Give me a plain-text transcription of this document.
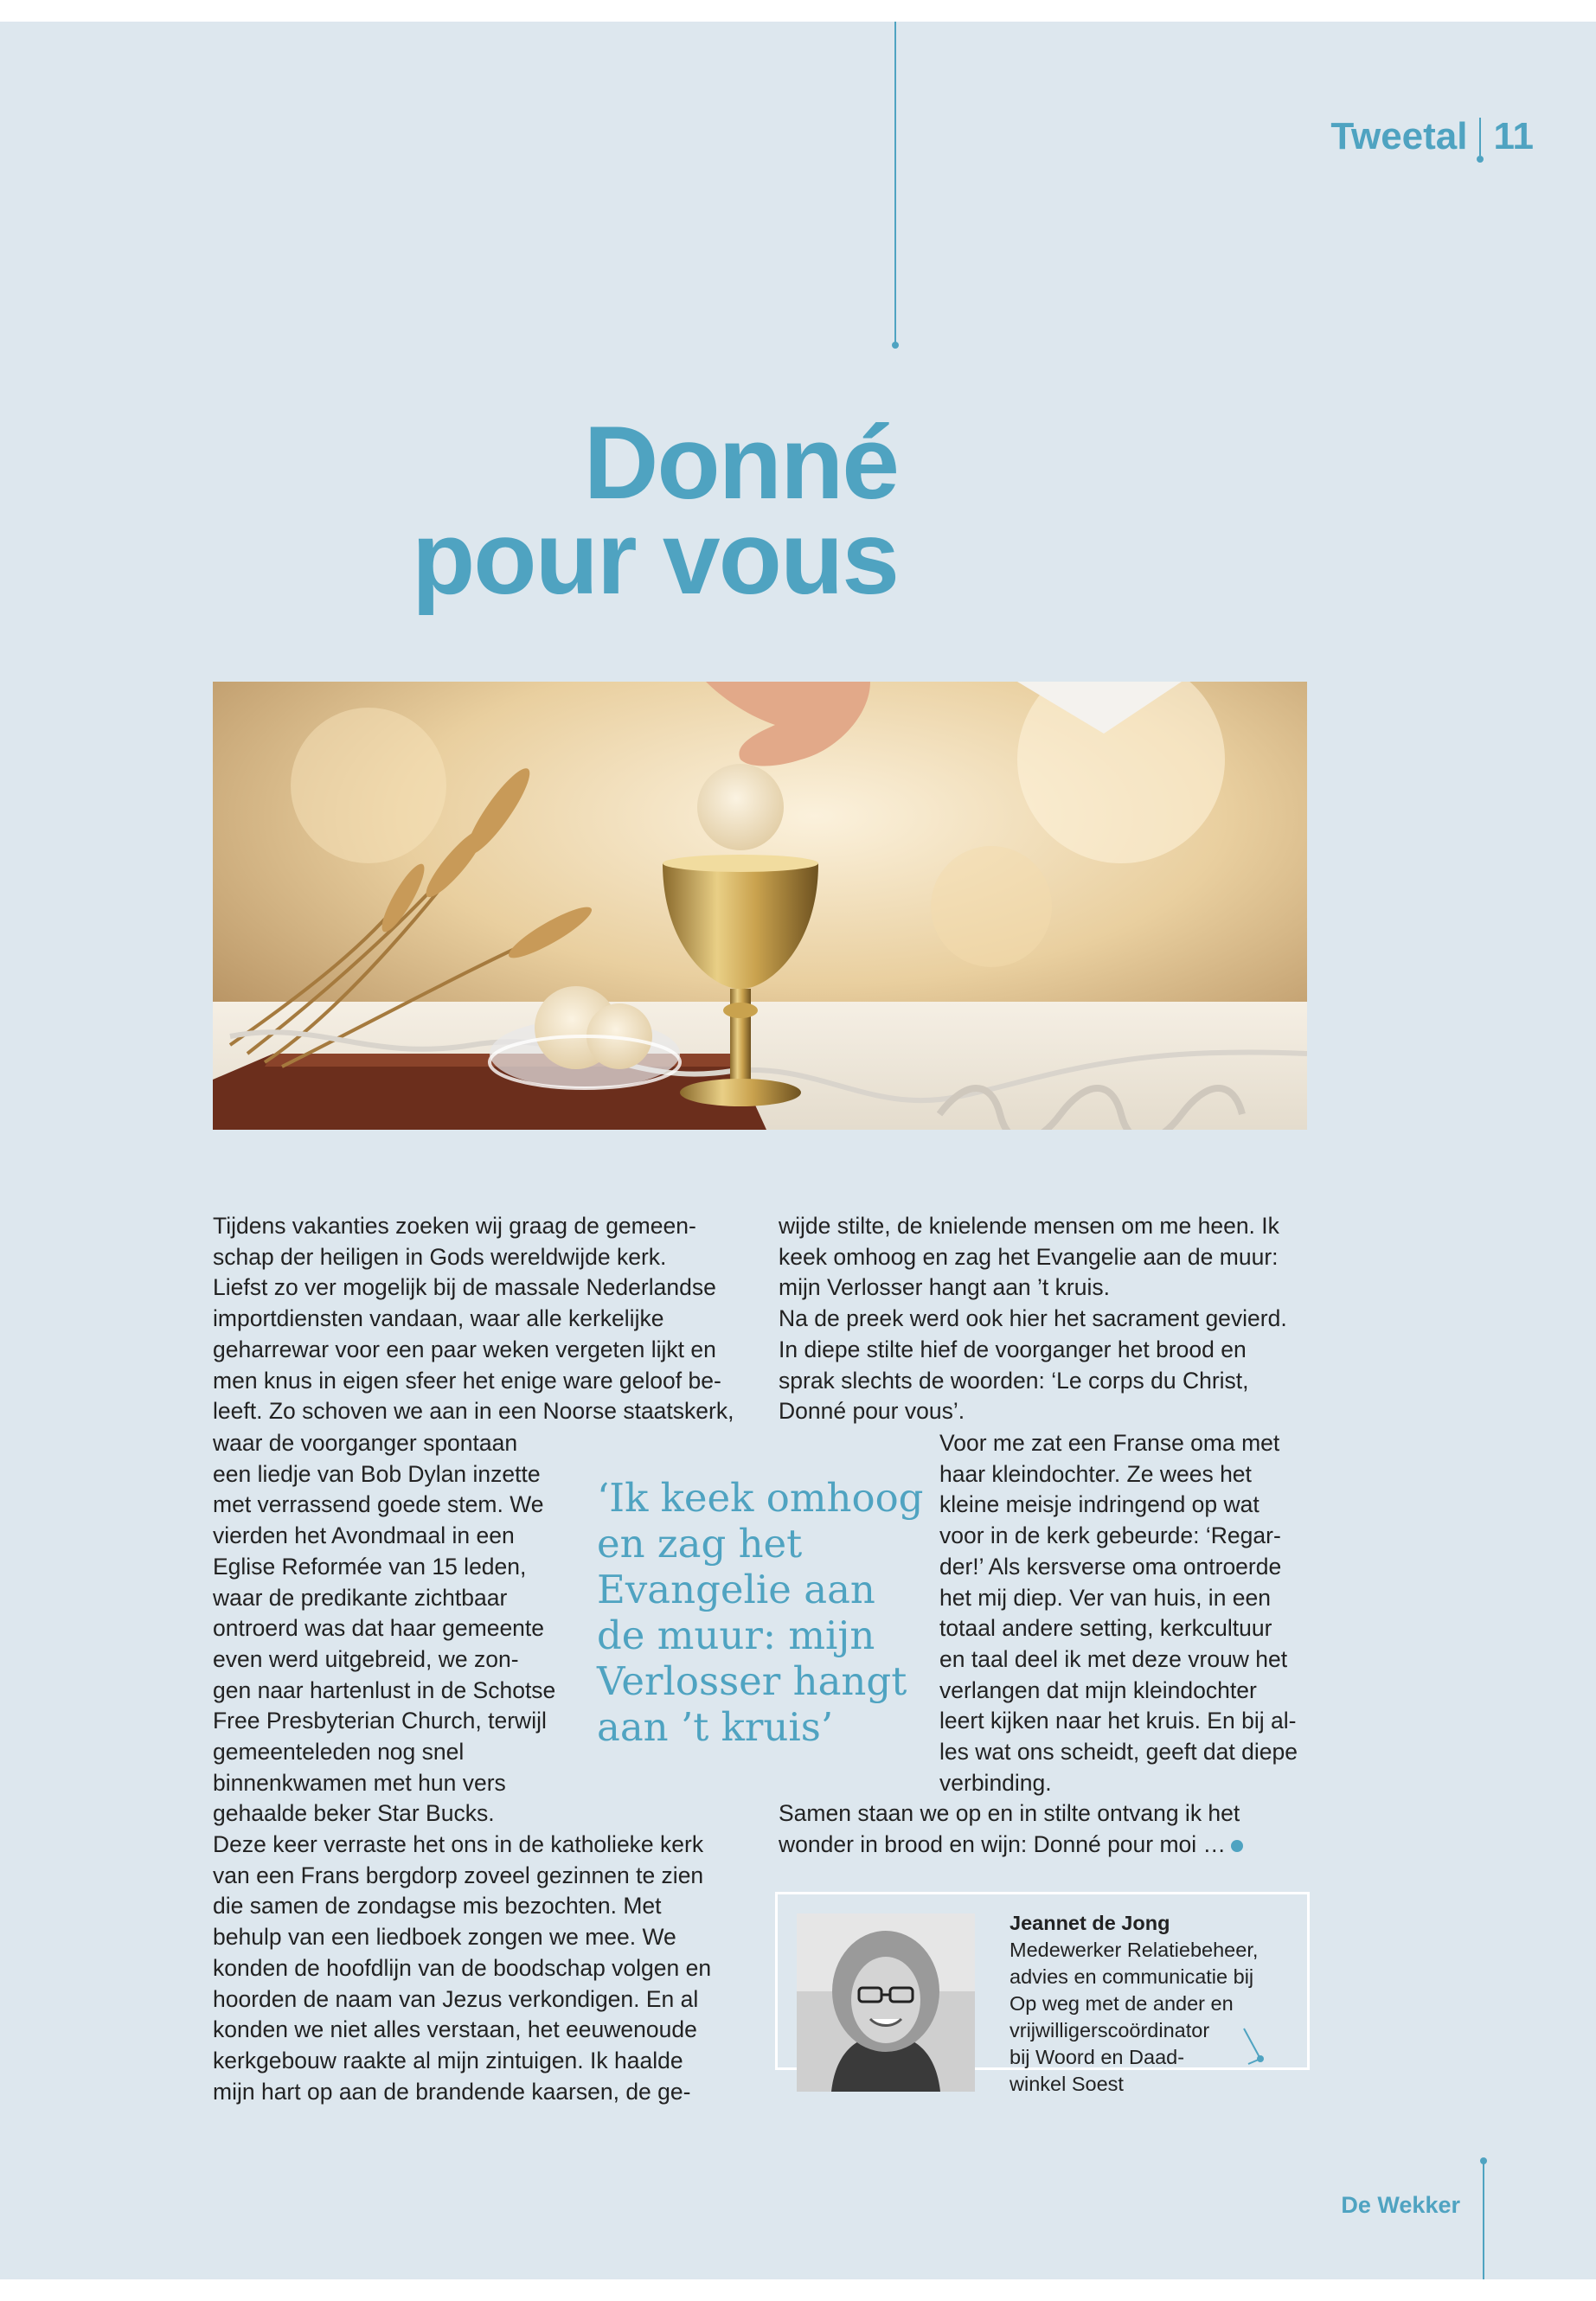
Tweetal 11
Donné
pour vous

Tijdens vakanties zoeken wij graag de gemeen-

schap der heiligen in Gods wereldwijde kerk.

Liefst zo ver mogelijk bij de massale Nederlandse

importdiensten vandaan, waar alle kerkelijke

geharrewar voor een paar weken vergeten lijkt en

men knus in eigen sfeer het enige ware geloof be-

leeft. Zo schoven we aan in een Noorse staatskerk,

waar de voorganger spontaan

een liedje van Bob Dylan inzette

met verrassend goede stem. We

vierden het Avondmaal in een

Eglise Reformée van 15 leden,

waar de predikante zichtbaar

ontroerd was dat haar gemeente

even werd uitgebreid, we zon-

gen naar hartenlust in de Schotse

Free Presbyterian Church, terwijl

gemeenteleden nog snel

binnenkwamen met hun vers

gehaalde beker Star Bucks.

Deze keer verraste het ons in de katholieke kerk

van een Frans bergdorp zoveel gezinnen te zien

die samen de zondagse mis bezochten. Met

behulp van een liedboek zongen we mee. We

konden de hoofdlijn van de boodschap volgen en

hoorden de naam van Jezus verkondigen. En al

konden we niet alles verstaan, het eeuwenoude

kerkgebouw raakte al mijn zintuigen. Ik haalde

mijn hart op aan de brandende kaarsen, de ge-

‘Ik keek omhoog
en zag het
Evangelie aan
de muur: mijn
Verlosser hangt
aan ’t kruis’

wijde stilte, de knielende mensen om me heen. Ik

keek omhoog en zag het Evangelie aan de muur:

mijn Verlosser hangt aan ’t kruis.

Na de preek werd ook hier het sacrament gevierd.

In diepe stilte hief de voorganger het brood en

sprak slechts de woorden: ‘Le corps du Christ,

Donné pour vous’.

Voor me zat een Franse oma met

haar kleindochter. Ze wees het

kleine meisje indringend op wat

voor in de kerk gebeurde: ‘Regar-

der!’ Als kersverse oma ontroerde

het mij diep. Ver van huis, in een

totaal andere setting, kerkcultuur

en taal deel ik met deze vrouw het

verlangen dat mijn kleindochter

leert kijken naar het kruis. En bij al-

les wat ons scheidt, geeft dat diepe

verbinding.

Samen staan we op en in stilte ontvang ik het

wonder in brood en wijn: Donné pour moi …

Jeannet de Jong
Medewerker Relatiebeheer,
advies en communicatie bij
Op weg met de ander en
vrijwilligerscoördinator
bij Woord en Daad-
winkel Soest
De Wekker
